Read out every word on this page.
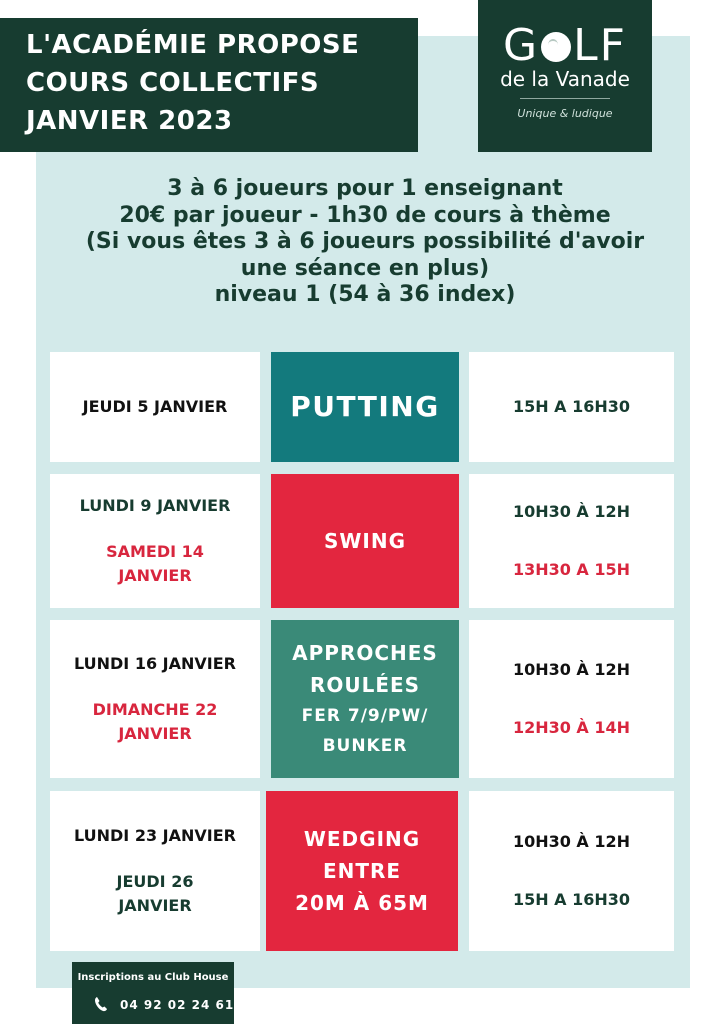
L'ACADÉMIE PROPOSE
COURS COLLECTIFS
JANVIER 2023
G LF
de la Vanade
Unique & ludique
3 à 6 joueurs pour 1 enseignant
20€ par joueur - 1h30 de cours à thème
(Si vous êtes 3 à 6 joueurs possibilité d'avoir
une séance en plus)
niveau 1 (54 à 36 index)
JEUDI 5 JANVIER PUTTING	15H A 16H30
LUNDI 9 JANVIER
SAMEDI 14
JANVIER
SWING
10H30 À 12H
13H30 A 15H
LUNDI 16 JANVIER
DIMANCHE 22
JANVIER
APPROCHES
ROULÉES
FER 7/9/PW/
BUNKER
10H30 À 12H
12H30 À 14H
LUNDI 23 JANVIER
JEUDI 26
JANVIER
WEDGING
ENTRE
20M À 65M
10H30 À 12H
15H A 16H30
Inscriptions au Club House
04 92 02 24 61
